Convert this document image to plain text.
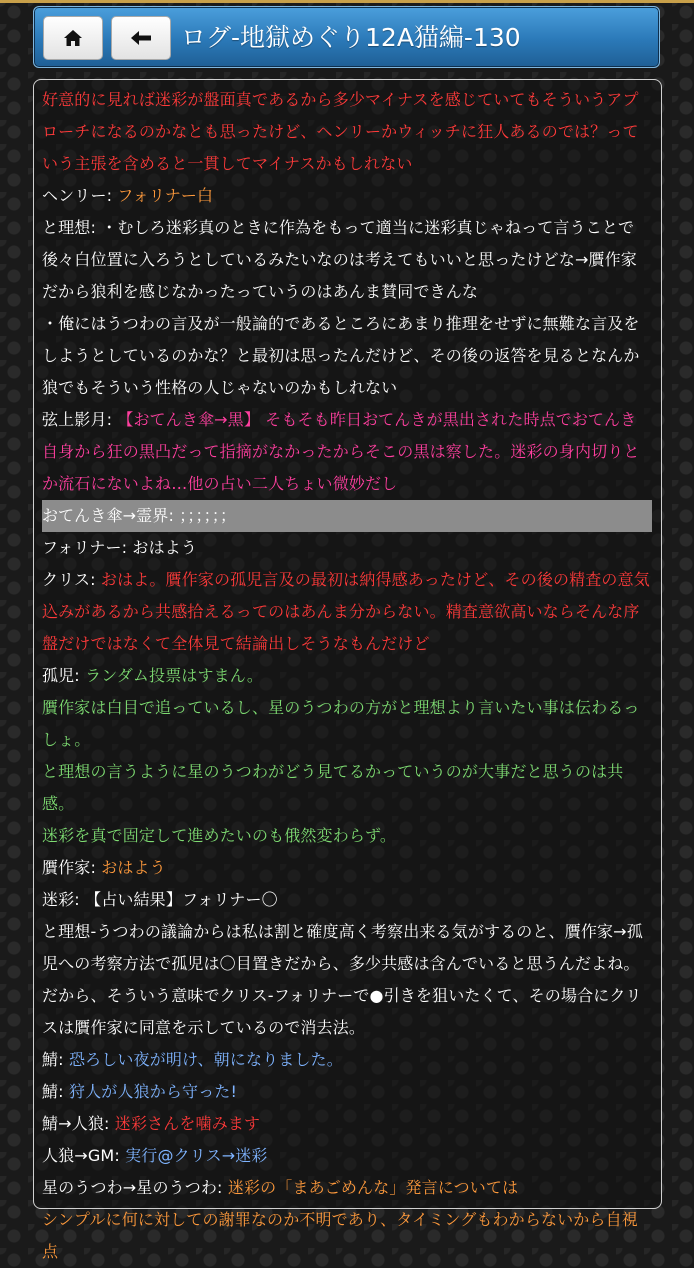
ログ-地獄めぐり12A猫編-130
好意的に見れば迷彩が盤面真であるから多少マイナスを感じていてもそういうアプローチになるのかなとも思ったけど、ヘンリーかウィッチに狂人あるのでは？っていう主張を含めると一貫してマイナスかもしれない
ヘンリー: フォリナー白
と理想: ・むしろ迷彩真のときに作為をもって適当に迷彩真じゃねって言うことで後々白位置に入ろうとしているみたいなのは考えてもいいと思ったけどな→贋作家
だから狼利を感じなかったっていうのはあんま賛同できんな
・俺にはうつわの言及が一般論的であるところにあまり推理をせずに無難な言及をしようとしているのかな？と最初は思ったんだけど、その後の返答を見るとなんか狼でもそういう性格の人じゃないのかもしれない
弦上影月: 【おてんき傘→黒】 そもそも昨日おてんきが黒出された時点でおてんき自身から狂の黒凸だって指摘がなかったからそこの黒は察した。迷彩の身内切りとか流石にないよね…他の占い二人ちょい微妙だし
おてんき傘→霊界: ；；；；；；
フォリナー: おはよう
クリス: おはよ。贋作家の孤児言及の最初は納得感あったけど、その後の精査の意気込みがあるから共感拾えるってのはあんま分からない。精査意欲高いならそんな序盤だけではなくて全体見て結論出しそうなもんだけど
孤児: ランダム投票はすまん。
贋作家は白目で追っているし、星のうつわの方がと理想より言いたい事は伝わるっしょ。
と理想の言うように星のうつわがどう見てるかっていうのが大事だと思うのは共感。
迷彩を真で固定して進めたいのも俄然変わらず。
贋作家: おはよう
迷彩: 【占い結果】フォリナー〇
と理想-うつわの議論からは私は割と確度高く考察出来る気がするのと、贋作家→孤児への考察方法で孤児は〇目置きだから、多少共感は含んでいると思うんだよね。
だから、そういう意味でクリス-フォリナーで●引きを狙いたくて、その場合にクリスは贋作家に同意を示しているので消去法。
鯖: 恐ろしい夜が明け、朝になりました。
鯖: 狩人が人狼から守った!
鯖→人狼: 迷彩さんを噛みます
人狼→GM: 実行@クリス→迷彩
星のうつわ→星のうつわ: 迷彩の「まあごめんな」発言については
シンプルに何に対しての謝罪なのか不明であり、タイミングもわからないから自視点
